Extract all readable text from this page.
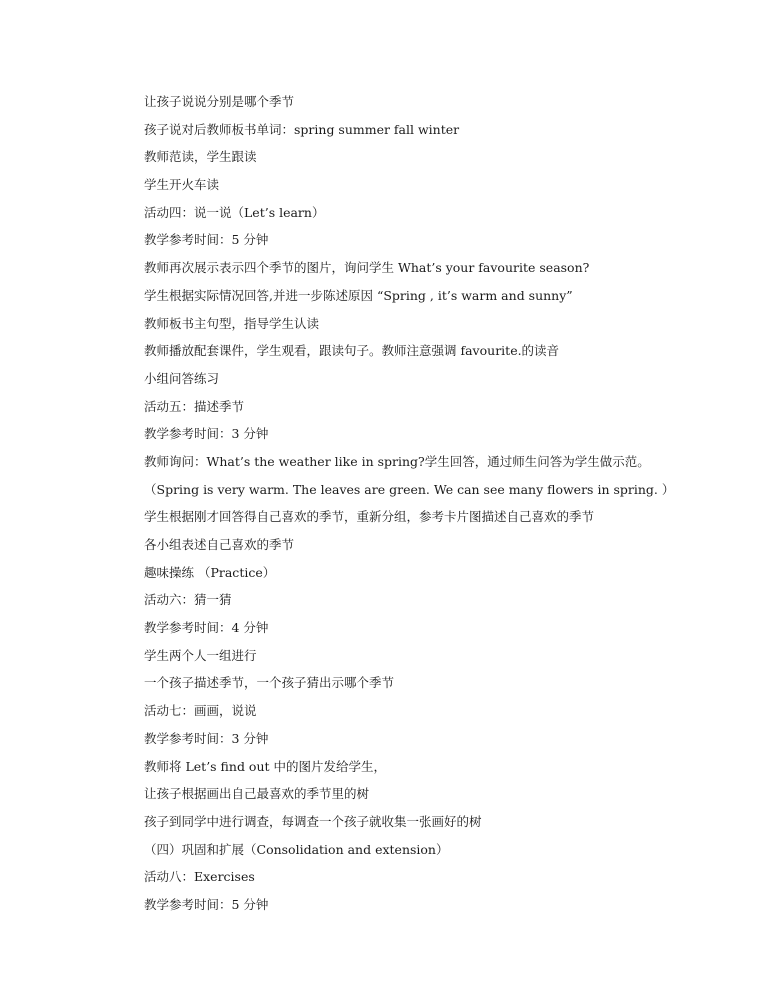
让孩子说说分别是哪个季节
孩子说对后教师板书单词：spring summer fall winter
教师范读，学生跟读
学生开火车读
活动四：说一说（Let’s learn）
教学参考时间：5 分钟
教师再次展示表示四个季节的图片，询问学生 What’s your favourite season?
学生根据实际情况回答,并进一步陈述原因 “Spring , it’s warm and sunny”
教师板书主句型，指导学生认读
教师播放配套课件，学生观看，跟读句子。教师注意强调 favourite.的读音
小组问答练习
活动五：描述季节
教学参考时间：3 分钟
教师询问：What’s the weather like in spring?学生回答，通过师生问答为学生做示范。
（Spring is very warm. The leaves are green. We can see many flowers in spring. ）
学生根据刚才回答得自己喜欢的季节，重新分组，参考卡片图描述自己喜欢的季节
各小组表述自己喜欢的季节
趣味操练 （Practice）
活动六：猜一猜
教学参考时间：4 分钟
学生两个人一组进行
一个孩子描述季节，一个孩子猜出示哪个季节
活动七：画画，说说
教学参考时间：3 分钟
教师将 Let’s find out 中的图片发给学生，
让孩子根据画出自己最喜欢的季节里的树
孩子到同学中进行调查，每调查一个孩子就收集一张画好的树
（四）巩固和扩展（Consolidation and extension）
活动八：Exercises
教学参考时间：5 分钟
